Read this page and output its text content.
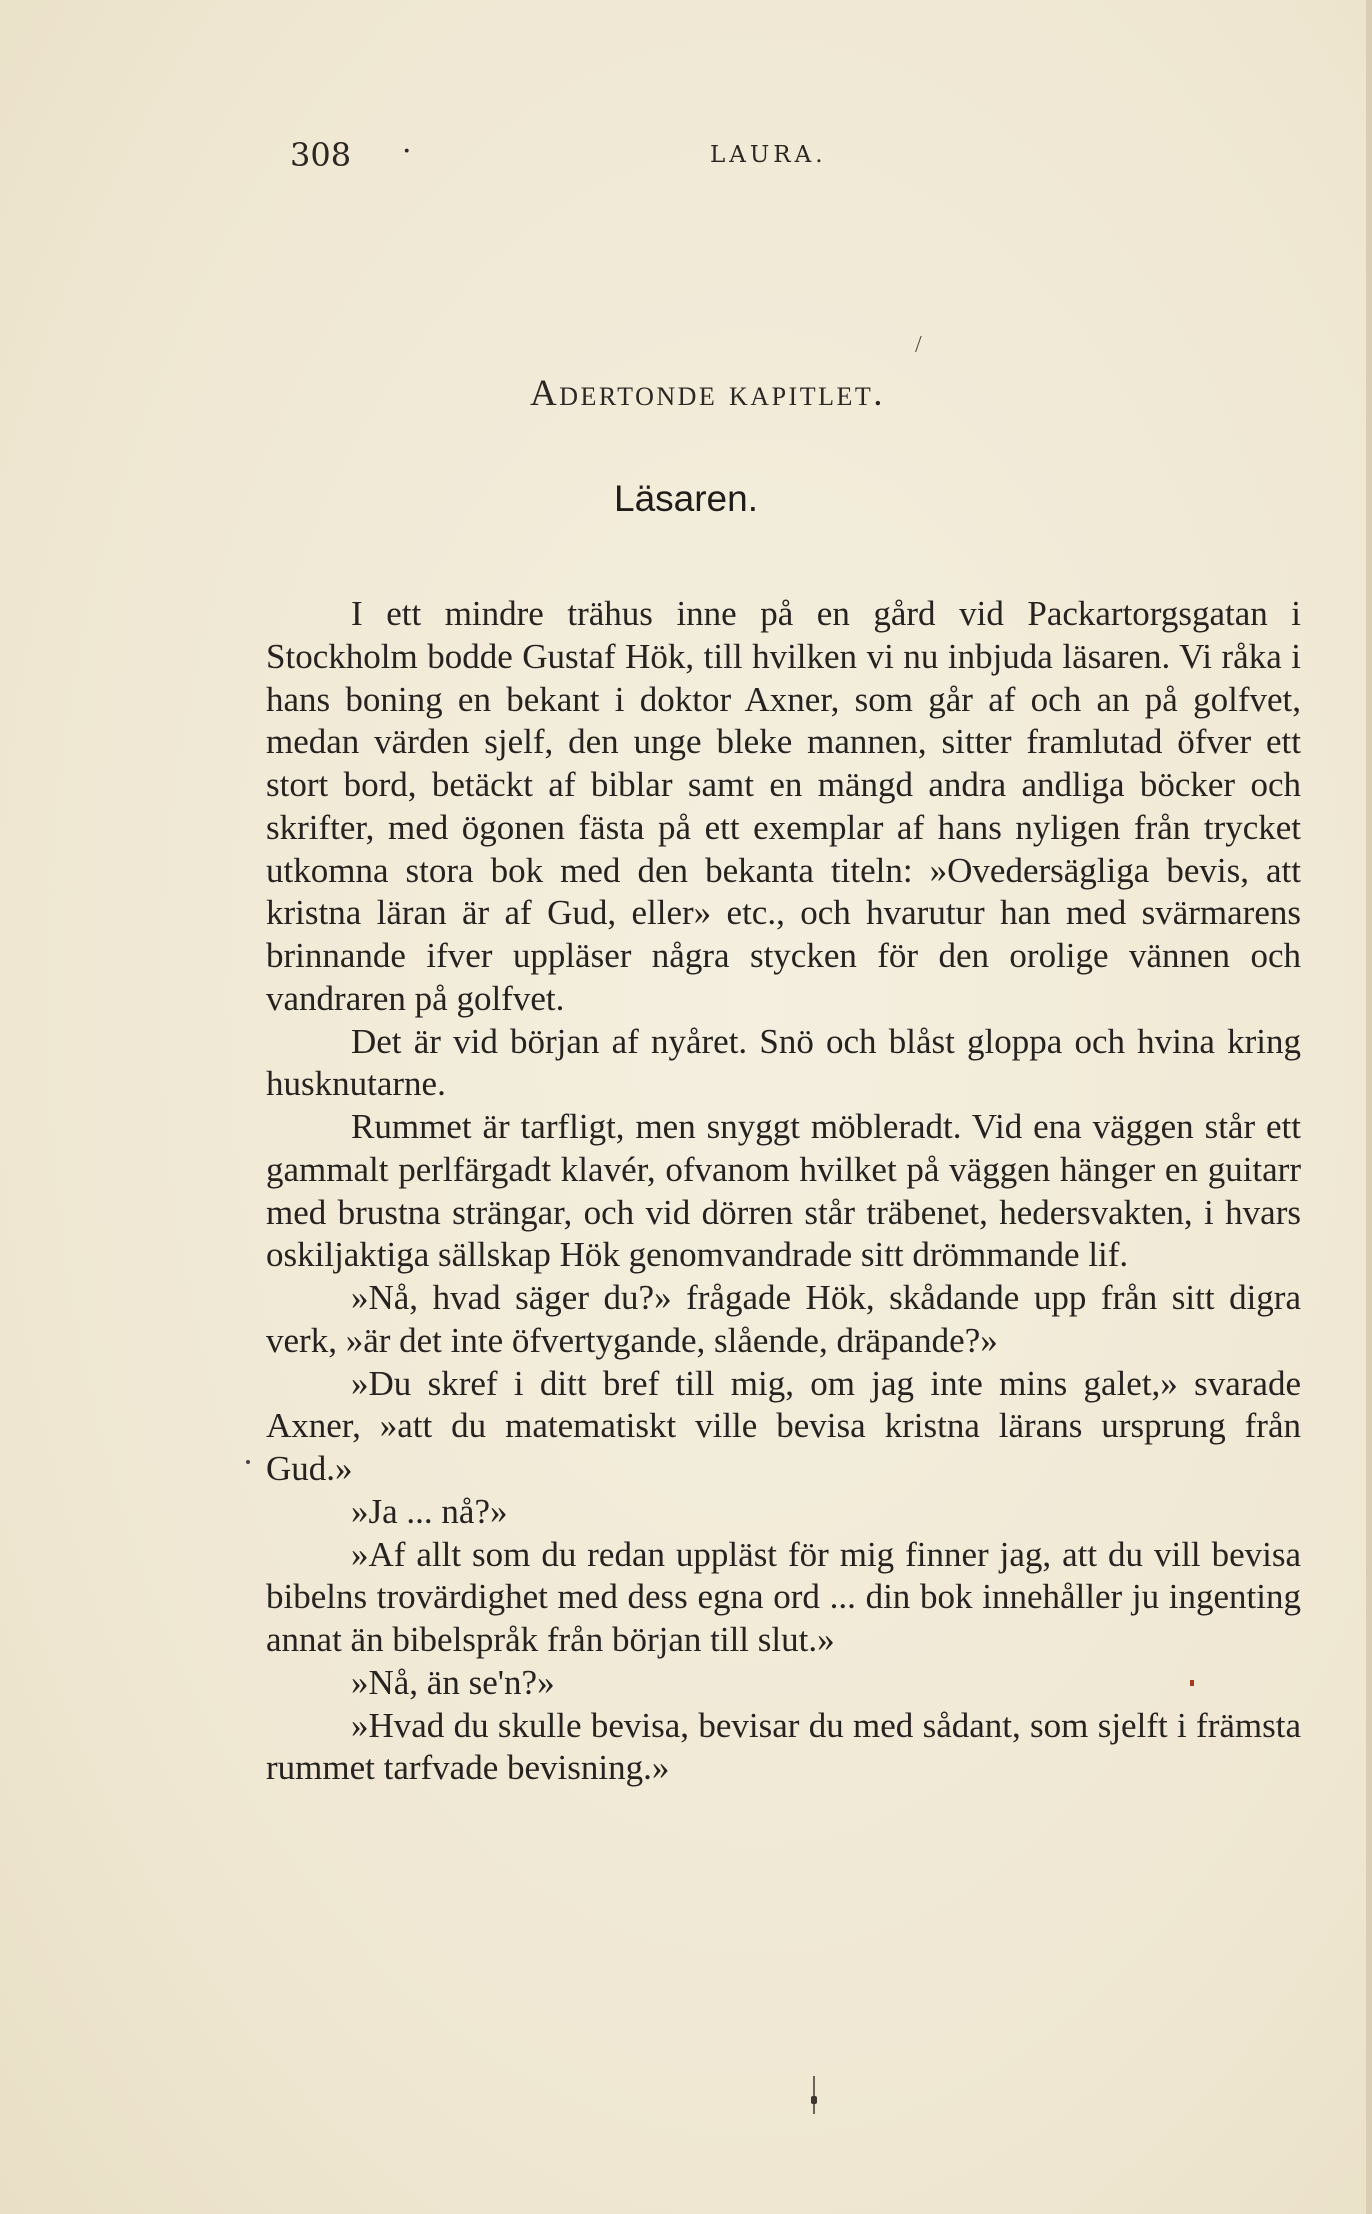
308 ·	LAURA.
/
Adertonde kapitlet.
Läsaren.

I ett mindre trähus inne på en gård vid Packartorgsgatan i Stockholm bodde Gustaf Hök, till hvilken vi nu inbjuda läsaren. Vi råka i hans boning en bekant i doktor Axner, som går af och an på golfvet, medan värden sjelf, den unge bleke mannen, sitter framlutad öfver ett stort bord, betäckt af biblar samt en mängd andra andliga böcker och skrifter, med ögonen fästa på ett exemplar af hans nyligen från trycket utkomna stora bok med den bekanta titeln: »Ovedersägliga bevis, att kristna läran är af Gud, eller» etc., och hvarutur han med svärmarens brinnande ifver uppläser några stycken för den orolige vännen och vandraren på golfvet.

Det är vid början af nyåret. Snö och blåst gloppa och hvina kring husknutarne.

Rummet är tarfligt, men snyggt möbleradt. Vid ena väggen står ett gammalt perlfärgadt klavér, ofvanom hvilket på väggen hänger en guitarr med brustna strängar, och vid dörren står träbenet, hedersvakten, i hvars oskiljaktiga sällskap Hök genomvandrade sitt drömmande lif.

»Nå, hvad säger du?» frågade Hök, skådande upp från sitt digra verk, »är det inte öfvertygande, slående, dräpande?»

»Du skref i ditt bref till mig, om jag inte mins galet,» svarade Axner, »att du matematiskt ville bevisa kristna lärans ursprung från Gud.»

»Ja ... nå?»

»Af allt som du redan uppläst för mig finner jag, att du vill bevisa bibelns trovärdighet med dess egna ord ... din bok innehåller ju ingenting annat än bibelspråk från början till slut.»

»Nå, än se'n?»

»Hvad du skulle bevisa, bevisar du med sådant, som sjelft i främsta rummet tarfvade bevisning.»
